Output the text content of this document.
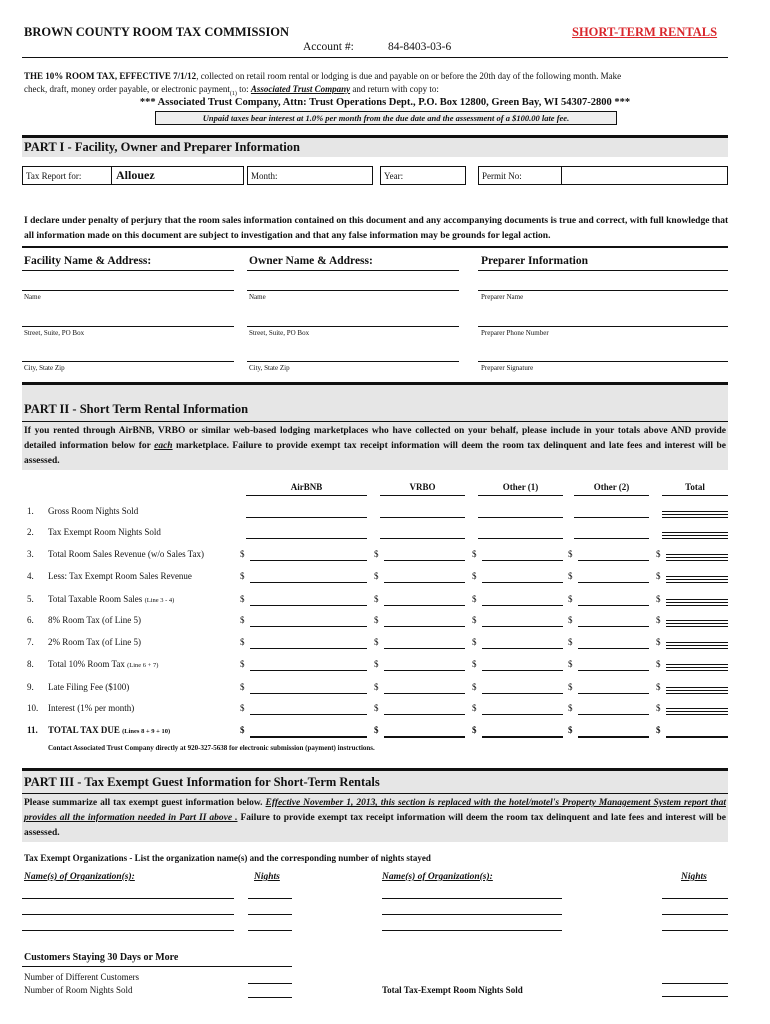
BROWN COUNTY ROOM TAX COMMISSION	SHORT-TERM RENTALS
Account #:	84-8403-03-6
THE 10% ROOM TAX, EFFECTIVE 7/1/12, collected on retail room rental or lodging is due and payable on or before the 20th day of the following month. Make
check, draft, money order payable, or electronic payment$_{(1)}$ to: Associated Trust Company and return with copy to:
*** Associated Trust Company, Attn: Trust Operations Dept., P.O. Box 12800, Green Bay, WI 54307-2800 ***
Unpaid taxes bear interest at 1.0% per month from the due date and the assessment of a $100.00 late fee.
PART I - Facility, Owner and Preparer Information
Tax Report for:	Allouez	Month:	Year:	Permit No:
I declare under penalty of perjury that the room sales information contained on this document and any accompanying documents is true and correct, with full knowledge that all information made on this document are subject to investigation and that any false information may be grounds for legal action.
Facility Name & Address:	Owner Name & Address:	Preparer Information
Name	Name	Preparer Name
Street, Suite, PO Box	Street, Suite, PO Box	Preparer Phone Number
City, State Zip	City, State Zip	Preparer Signature
PART II - Short Term Rental Information
If you rented through AirBNB, VRBO or similar web-based lodging marketplaces who have collected on your behalf, please include in your totals above AND provide detailed information below for each marketplace. Failure to provide exempt tax receipt information will deem the room tax delinquent and late fees and interest will be assessed.
AirBNB	VRBO	Other (1)	Other (2)	Total
1. Gross Room Nights Sold
2. Tax Exempt Room Nights Sold
3. Total Room Sales Revenue (w/o Sales Tax)	$	$	$	$	$
4. Less: Tax Exempt Room Sales Revenue	$	$	$	$	$
5. Total Taxable Room Sales (Line 3 - 4)	$	$	$	$	$
6. 8% Room Tax (of Line 5)	$	$	$	$	$
7. 2% Room Tax (of Line 5)	$	$	$	$	$
8. Total 10% Room Tax (Line 6 + 7)	$	$	$	$	$
9. Late Filing Fee ($100)	$	$	$	$	$
10. Interest (1% per month)	$	$	$	$	$
11. TOTAL TAX DUE (Lines 8 + 9 + 10)	$	$	$	$	$
Contact Associated Trust Company directly at 920-327-5638 for electronic submission (payment) instructions.
PART III - Tax Exempt Guest Information for Short-Term Rentals
Please summarize all tax exempt guest information below. Effective November 1, 2013, this section is replaced with the hotel/motel's Property Management System report that provides all the information needed in Part II above . Failure to provide exempt tax receipt information will deem the room tax delinquent and late fees and interest will be assessed.
Tax Exempt Organizations - List the organization name(s) and the corresponding number of nights stayed
Name(s) of Organization(s):	Nights	Name(s) of Organization(s):	Nights
Customers Staying 30 Days or More
Number of Different Customers
Number of Room Nights Sold	Total Tax-Exempt Room Nights Sold
